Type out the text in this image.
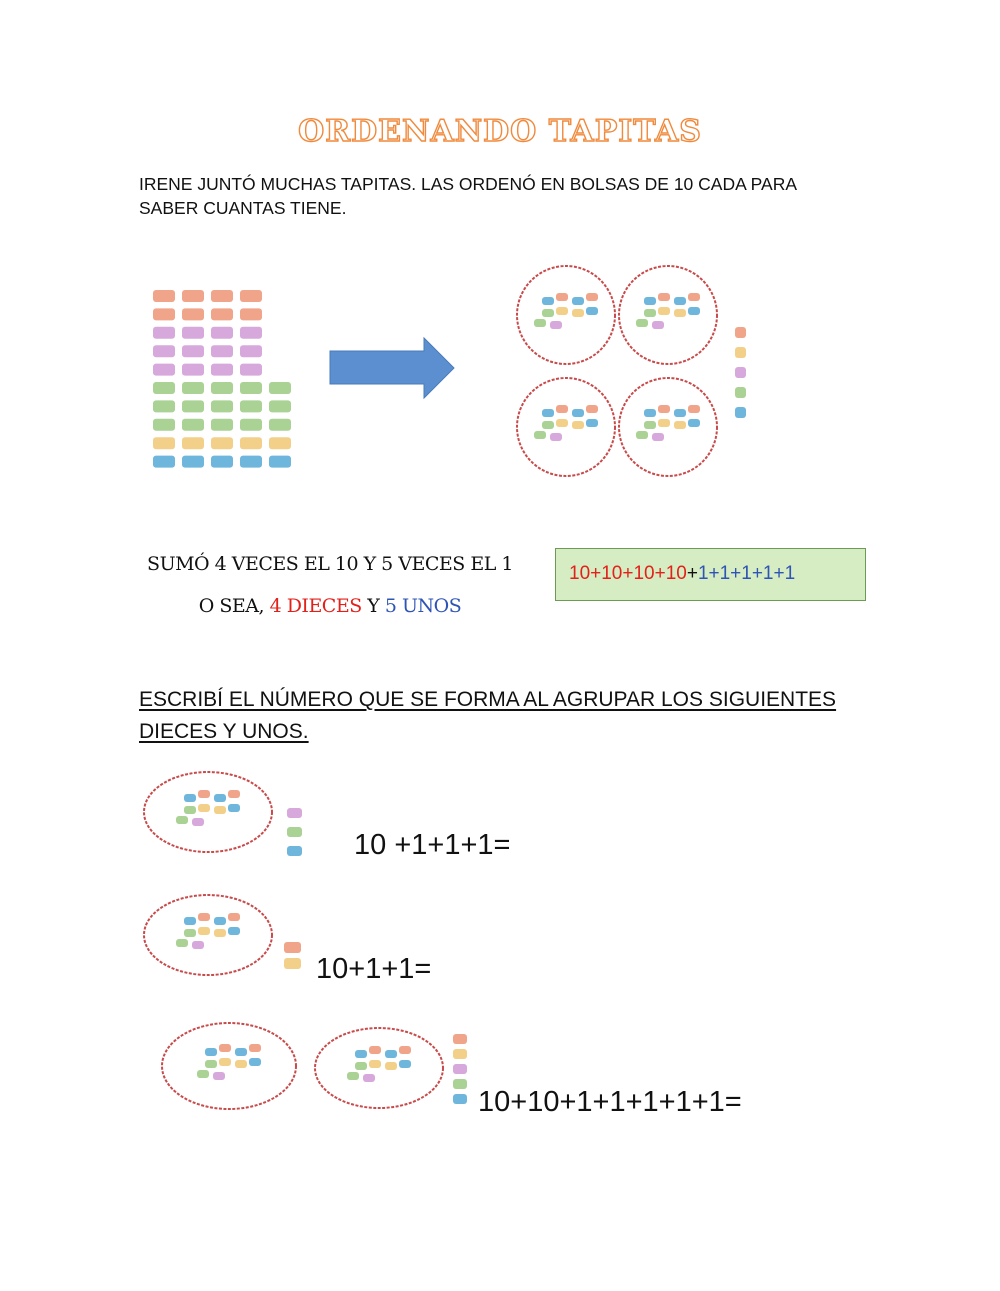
ORDENANDO TAPITAS
IRENE JUNTÓ MUCHAS TAPITAS. LAS ORDENÓ EN BOLSAS DE 10 CADA PARA SABER CUANTAS TIENE.
SUMÓ 4 VECES EL 10 Y 5 VECES EL 1
O SEA, 4 DIECES Y 5 UNOS
10+10+10+10+1+1+1+1+1
ESCRIBÍ EL NÚMERO QUE SE FORMA AL AGRUPAR LOS SIGUIENTES DIECES Y UNOS.
10 +1+1+1=
10+1+1=
10+10+1+1+1+1+1=
